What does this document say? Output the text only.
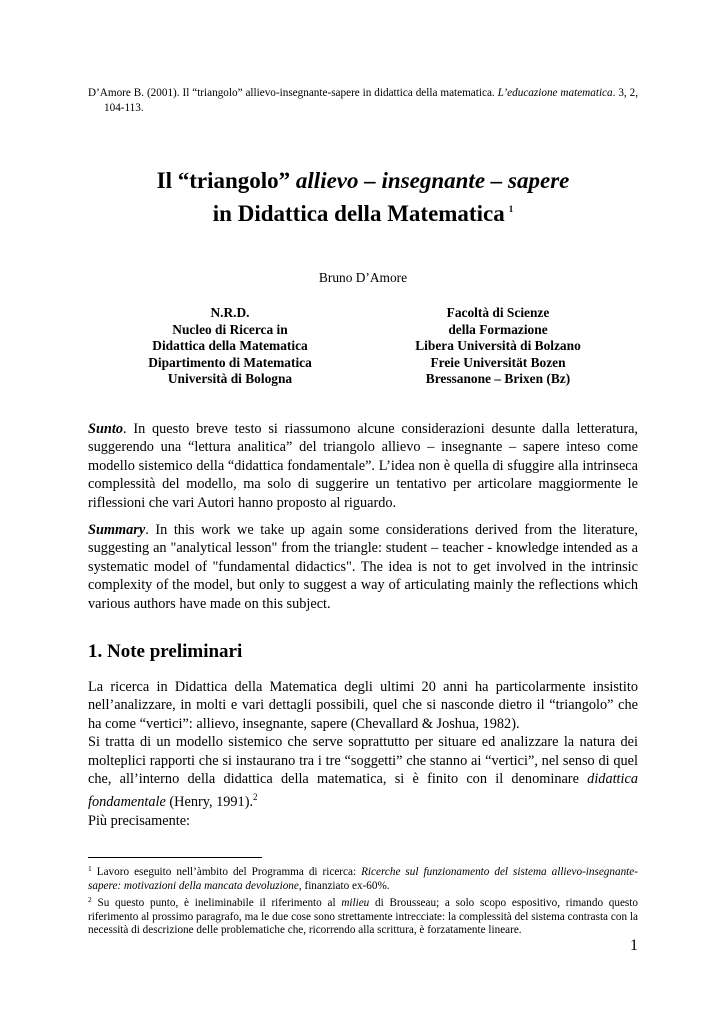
D’Amore B. (2001). Il “triangolo” allievo-insegnante-sapere in didattica della matematica. L’educazione matematica. 3, 2, 104-113.
Il “triangolo” allievo – insegnante – sapere
in Didattica della Matematica $^1$
Bruno D’Amore
N.R.D.
Nucleo di Ricerca in
Didattica della Matematica
Dipartimento di Matematica
Università di Bologna
Facoltà di Scienze
della Formazione
Libera Università di Bolzano
Freie Universität Bozen
Bressanone – Brixen (Bz)

Sunto. In questo breve testo si riassumono alcune considerazioni desunte dalla letteratura, suggerendo una “lettura analitica” del triangolo allievo – insegnante – sapere inteso come modello sistemico della “didattica fondamentale”. L’idea non è quella di sfuggire alla intrinseca complessità del modello, ma solo di suggerire un tentativo per articolare maggiormente le riflessioni che vari Autori hanno proposto al riguardo.

Summary. In this work we take up again some considerations derived from the literature, suggesting an "analytical lesson" from the triangle: student – teacher - knowledge intended as a systematic model of "fundamental didactics". The idea is not to get involved in the intrinsic complexity of the model, but only to suggest a way of articulating mainly the reflections which various authors have made on this subject.

1. Note preliminari

La ricerca in Didattica della Matematica degli ultimi 20 anni ha particolarmente insistito nell’analizzare, in molti e vari dettagli possibili, quel che si nasconde dietro il “triangolo” che ha come “vertici”: allievo, insegnante, sapere (Chevallard & Joshua, 1982).

Si tratta di un modello sistemico che serve soprattutto per situare ed analizzare la natura dei molteplici rapporti che si instaurano tra i tre “soggetti” che stanno ai “vertici”, nel senso di quel che, all’interno della didattica della matematica, si è finito con il denominare didattica fondamentale (Henry, 1991).$^2$

Più precisamente:

$^1$ Lavoro eseguito nell’àmbito del Programma di ricerca: Ricerche sul funzionamento del sistema allievo-insegnante-sapere: motivazioni della mancata devoluzione, finanziato ex-60%.

$^2$ Su questo punto, è ineliminabile il riferimento al milieu di Brousseau; a solo scopo espositivo, rimando questo riferimento al prossimo paragrafo, ma le due cose sono strettamente intrecciate: la complessità del sistema contrasta con la necessità di descrizione delle problematiche che, ricorrendo alla scrittura, è forzatamente lineare.

1
